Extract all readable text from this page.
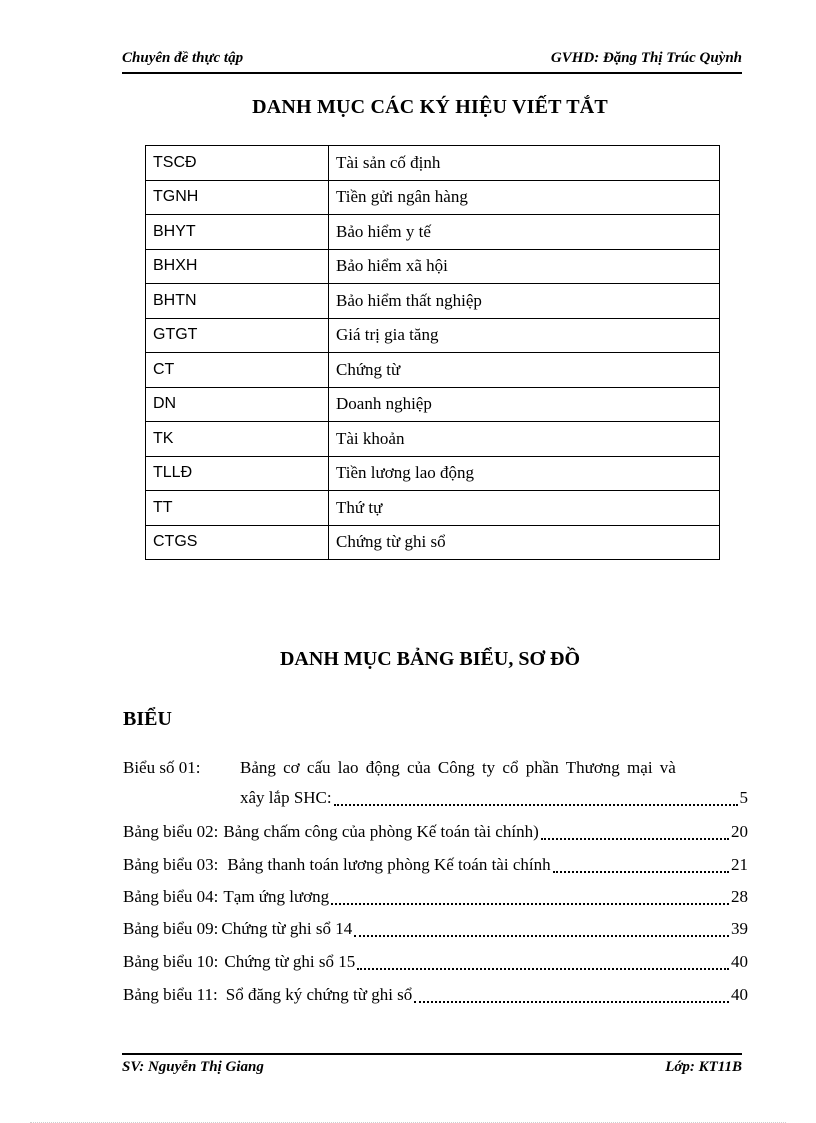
Chuyên đề thực tập	GVHD: Đặng Thị Trúc Quỳnh
DANH MỤC CÁC KÝ HIỆU VIẾT TẮT
TSCĐ	Tài sản cố định
TGNH	Tiền gửi ngân hàng
BHYT	Bảo hiểm y tế
BHXH	Bảo hiểm xã hội
BHTN	Bảo hiểm thất nghiệp
GTGT	Giá trị gia tăng
CT	Chứng từ
DN	Doanh nghiệp
TK	Tài khoản
TLLĐ	Tiền lương lao động
TT	Thứ tự
CTGS	Chứng từ ghi sổ
DANH MỤC BẢNG BIỂU, SƠ ĐỒ
BIỂU
Biểu số 01:	Bảng cơ cấu lao động của Công ty cổ phần Thương mại và
xây lắp SHC:	5
Bảng biểu 02: Bảng chấm công của phòng Kế toán tài chính)	20
Bảng biểu 03: Bảng thanh toán lương phòng Kế toán tài chính	21
Bảng biểu 04: Tạm ứng lương	28
Bảng biểu 09: Chứng từ ghi sổ 14	39
Bảng biểu 10: Chứng từ ghi sổ 15	40
Bảng biểu 11: Sổ đăng ký chứng từ ghi sổ	40
SV: Nguyễn Thị Giang	Lớp: KT11B
